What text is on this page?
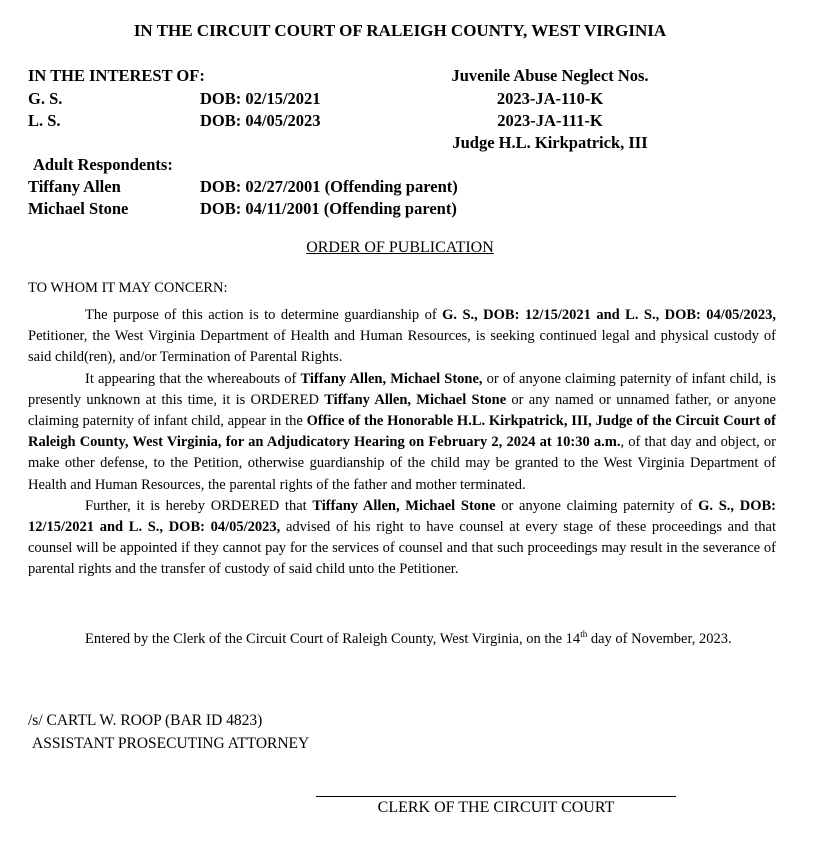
IN THE CIRCUIT COURT OF RALEIGH COUNTY, WEST VIRGINIA
IN THE INTEREST OF:
G. S.	DOB: 02/15/2021
L. S.	DOB: 04/05/2023
Juvenile Abuse Neglect Nos.
2023-JA-110-K
2023-JA-111-K
Judge H.L. Kirkpatrick, III
Adult Respondents:
Tiffany Allen	DOB: 02/27/2001 (Offending parent)
Michael Stone	DOB: 04/11/2001 (Offending parent)
ORDER OF PUBLICATION
TO WHOM IT MAY CONCERN:

The purpose of this action is to determine guardianship of G. S., DOB: 12/15/2021 and L. S., DOB: 04/05/2023, Petitioner, the West Virginia Department of Health and Human Resources, is seeking continued legal and physical custody of said child(ren), and/or Termination of Parental Rights.

It appearing that the whereabouts of Tiffany Allen, Michael Stone, or of anyone claiming paternity of infant child, is presently unknown at this time, it is ORDERED Tiffany Allen, Michael Stone or any named or unnamed father, or anyone claiming paternity of infant child, appear in the Office of the Honorable H.L. Kirkpatrick, III, Judge of the Circuit Court of Raleigh County, West Virginia, for an Adjudicatory Hearing on February 2, 2024 at 10:30 a.m., of that day and object, or make other defense, to the Petition, otherwise guardianship of the child may be granted to the West Virginia Department of Health and Human Resources, the parental rights of the father and mother terminated.

Further, it is hereby ORDERED that Tiffany Allen, Michael Stone or anyone claiming paternity of G. S., DOB: 12/15/2021 and L. S., DOB: 04/05/2023, advised of his right to have counsel at every stage of these proceedings and that counsel will be appointed if they cannot pay for the services of counsel and that such proceedings may result in the severance of parental rights and the transfer of custody of said child unto the Petitioner.

Entered by the Clerk of the Circuit Court of Raleigh County, West Virginia, on the 14th day of November, 2023.

/s/ CARTL W. ROOP (BAR ID 4823)
ASSISTANT PROSECUTING ATTORNEY
CLERK OF THE CIRCUIT COURT
